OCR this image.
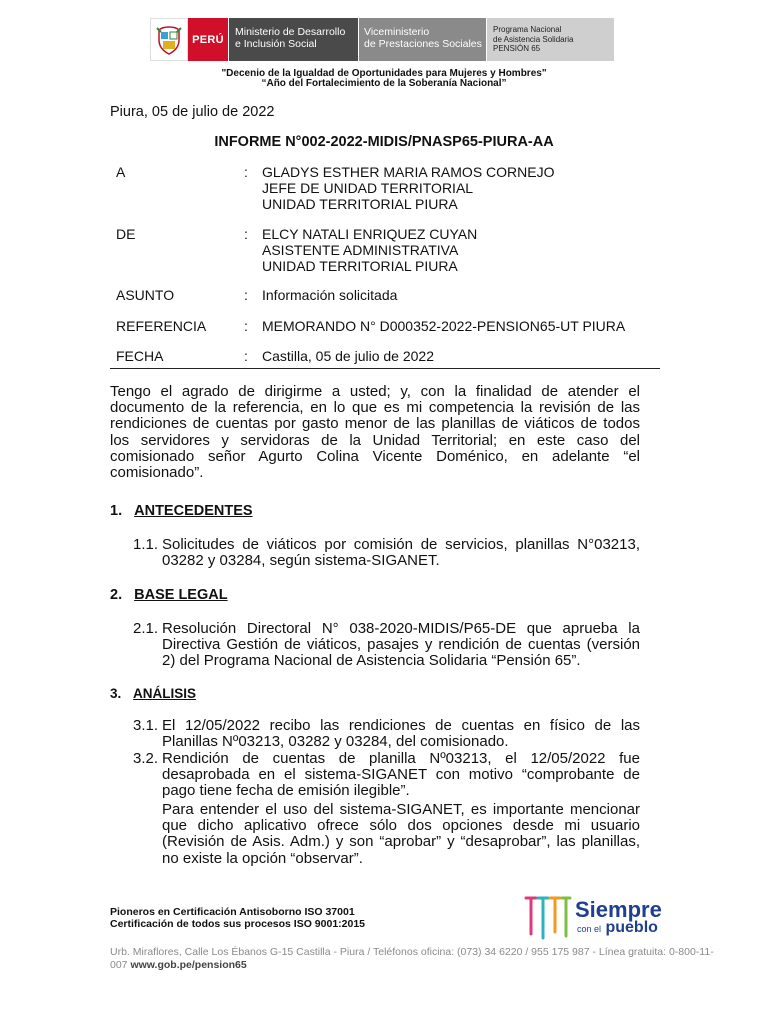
PERÚ
Ministerio de Desarrollo
e Inclusión Social
Viceministerio
de Prestaciones Sociales
Programa Nacional
de Asistencia Solidaria
PENSIÓN 65
"Decenio de la Igualdad de Oportunidades para Mujeres y Hombres"
“Año del Fortalecimiento de la Soberanía Nacional”
Piura, 05 de julio de 2022
INFORME N°002-2022-MIDIS/PNASP65-PIURA-AA
A	: GLADYS ESTHER MARIA RAMOS CORNEJO
JEFE DE UNIDAD TERRITORIAL
UNIDAD TERRITORIAL PIURA
DE	: ELCY NATALI ENRIQUEZ CUYAN
ASISTENTE ADMINISTRATIVA
UNIDAD TERRITORIAL PIURA
ASUNTO	: Información solicitada
REFERENCIA	: MEMORANDO N° D000352-2022-PENSION65-UT PIURA
FECHA	: Castilla, 05 de julio de 2022
Tengo el agrado de dirigirme a usted; y, con la finalidad de atender el documento de la referencia, en lo que es mi competencia la revisión de las rendiciones de cuentas por gasto menor de las planillas de viáticos de todos los servidores y servidoras de la Unidad Territorial; en este caso del comisionado señor Agurto Colina Vicente Doménico, en adelante “el comisionado”.
1. ANTECEDENTES
1.1. Solicitudes de viáticos por comisión de servicios, planillas N°03213, 03282 y 03284, según sistema-SIGANET.
2. BASE LEGAL
2.1. Resolución Directoral N° 038-2020-MIDIS/P65-DE que aprueba la Directiva Gestión de viáticos, pasajes y rendición de cuentas (versión 2) del Programa Nacional de Asistencia Solidaria “Pensión 65”.
3. ANÁLISIS
3.1. El 12/05/2022 recibo las rendiciones de cuentas en físico de las Planillas Nº03213, 03282 y 03284, del comisionado.
3.2. Rendición de cuentas de planilla Nº03213, el 12/05/2022 fue desaprobada en el sistema-SIGANET con motivo “comprobante de pago tiene fecha de emisión ilegible”.
Para entender el uso del sistema-SIGANET, es importante mencionar que dicho aplicativo ofrece sólo dos opciones desde mi usuario (Revisión de Asis. Adm.) y son “aprobar” y “desaprobar”, las planillas, no existe la opción “observar”.
Pioneros en Certificación Antisoborno ISO 37001
Certificación de todos sus procesos ISO 9001:2015
Siempre
con el pueblo
Urb. Miraflores, Calle Los Ébanos G-15 Castilla - Piura / Teléfonos oficina: (073) 34 6220 / 955 175 987 - Línea gratuita: 0-800-11-007 www.gob.pe/pension65
